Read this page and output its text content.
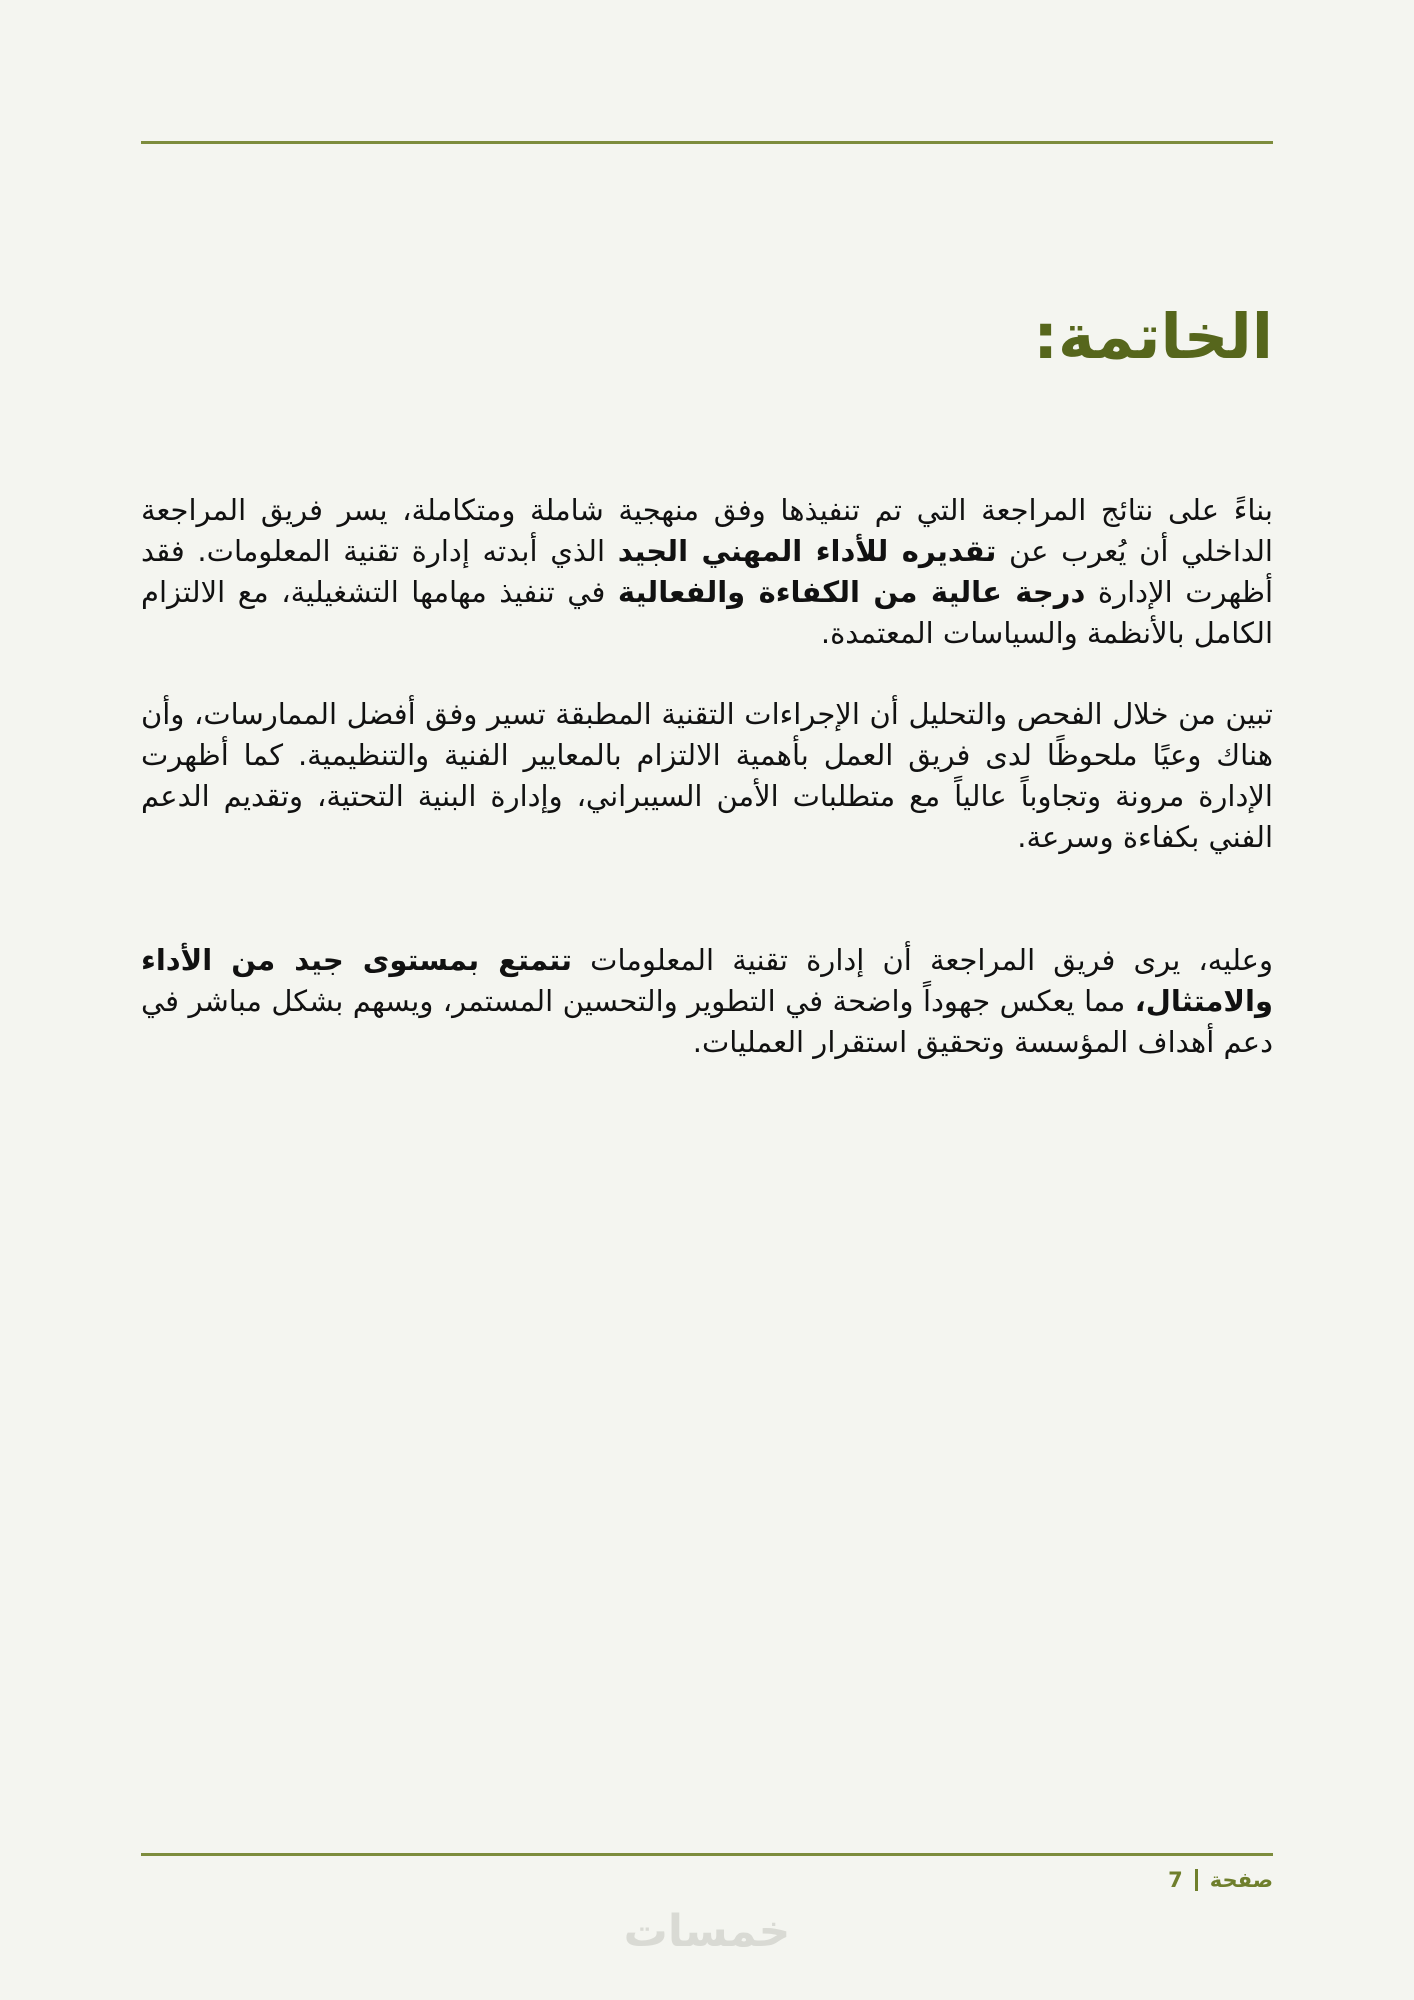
الخاتمة:

بناءً على نتائج المراجعة التي تم تنفيذها وفق منهجية شاملة ومتكاملة، يسر فريق المراجعة الداخلي أن يُعرب عن تقديره للأداء المهني الجيد الذي أبدته إدارة تقنية المعلومات. فقد أظهرت الإدارة درجة عالية من الكفاءة والفعالية في تنفيذ مهامها التشغيلية، مع الالتزام الكامل بالأنظمة والسياسات المعتمدة.

تبين من خلال الفحص والتحليل أن الإجراءات التقنية المطبقة تسير وفق أفضل الممارسات، وأن هناك وعيًا ملحوظًا لدى فريق العمل بأهمية الالتزام بالمعايير الفنية والتنظيمية. كما أظهرت الإدارة مرونة وتجاوباً عالياً مع متطلبات الأمن السيبراني، وإدارة البنية التحتية، وتقديم الدعم الفني بكفاءة وسرعة.

وعليه، يرى فريق المراجعة أن إدارة تقنية المعلومات تتمتع بمستوى جيد من الأداء والامتثال، مما يعكس جهوداً واضحة في التطوير والتحسين المستمر، ويسهم بشكل مباشر في دعم أهداف المؤسسة وتحقيق استقرار العمليات.

صفحة
7
خمسات
